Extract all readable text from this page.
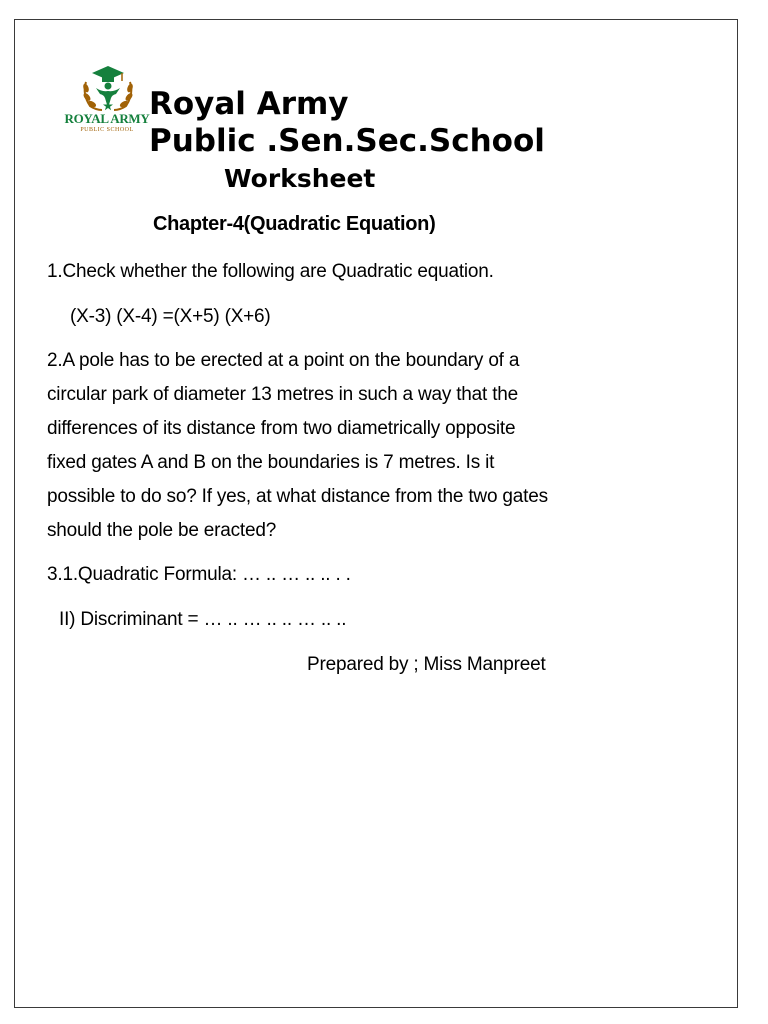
ROYAL ARMY
PUBLIC SCHOOL
Royal Army
Public .Sen.Sec.School
Worksheet
Chapter-4(Quadratic Equation)
1.Check whether the following are Quadratic equation.
(X-3) (X-4) =(X+5) (X+6)
2.A pole has to be erected at a point on the boundary of a
circular park of diameter 13 metres in such a way that the
differences of its distance from two diametrically opposite
fixed gates A and B on the boundaries is 7 metres. Is it
possible to do so? If yes, at what distance from the two gates
should the pole be eracted?
3.1.Quadratic Formula: … .. … .. .. . .
II) Discriminant = … .. … .. .. … .. ..
Prepared by ; Miss Manpreet
